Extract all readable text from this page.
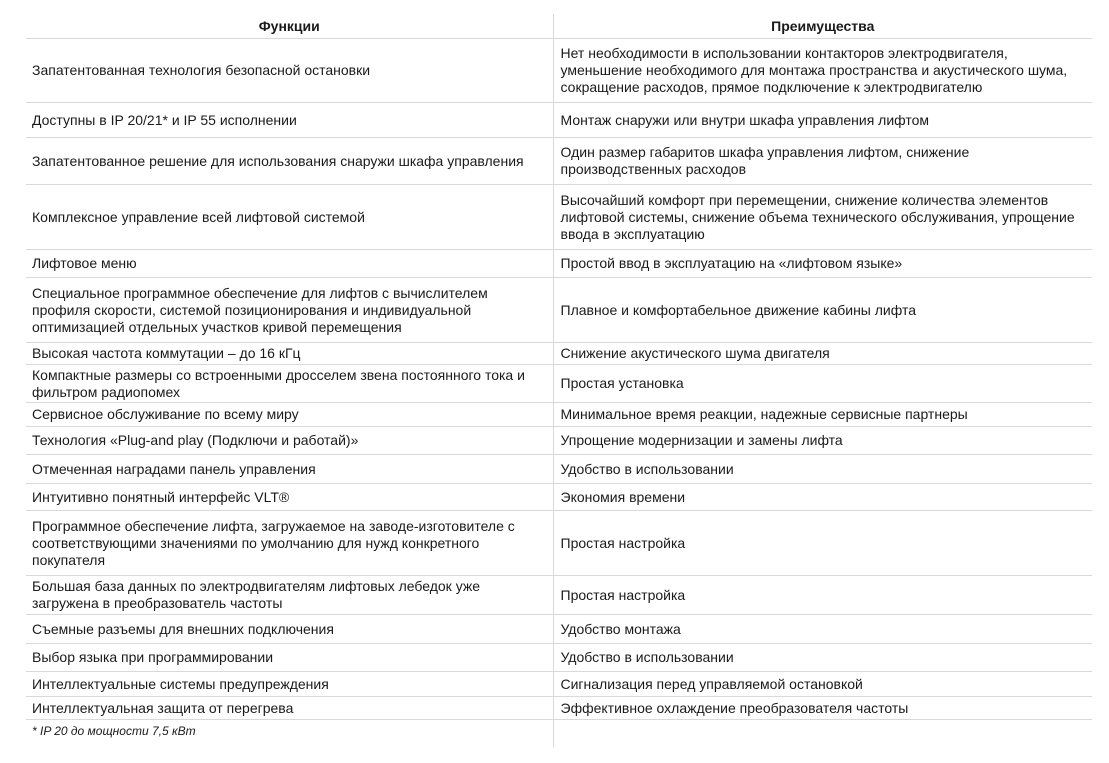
Функции	Преимущества
Запатентованная технология безопасной остановки	Нет необходимости в использовании контакторов электродвигателя, уменьшение необходимого для монтажа пространства и акустического шума, сокращение расходов, прямое подключение к электродвигателю
Доступны в IP 20/21* и IP 55 исполнении	Монтаж снаружи или внутри шкафа управления лифтом
Запатентованное решение для использования снаружи шкафа управления	Один размер габаритов шкафа управления лифтом, снижение производственных расходов
Комплексное управление всей лифтовой системой	Высочайший комфорт при перемещении, снижение количества элементов лифтовой системы, снижение объема технического обслуживания, упрощение ввода в эксплуатацию
Лифтовое меню	Простой ввод в эксплуатацию на «лифтовом языке»
Специальное программное обеспечение для лифтов с вычислителем профиля скорости, системой позиционирования и индивидуальной оптимизацией отдельных участков кривой перемещения	Плавное и комфортабельное движение кабины лифта
Высокая частота коммутации – до 16 кГц	Снижение акустического шума двигателя
Компактные размеры со встроенными дросселем звена постоянного тока и фильтром радиопомех	Простая установка
Сервисное обслуживание по всему миру	Минимальное время реакции, надежные сервисные партнеры
Технология «Plug-and play (Подключи и работай)»	Упрощение модернизации и замены лифта
Отмеченная наградами панель управления	Удобство в использовании
Интуитивно понятный интерфейс VLT®	Экономия времени
Программное обеспечение лифта, загружаемое на заводе-изготовителе с соответствующими значениями по умолчанию для нужд конкретного покупателя	Простая настройка
Большая база данных по электродвигателям лифтовых лебедок уже загружена в преобразователь частоты	Простая настройка
Съемные разъемы для внешних подключения	Удобство монтажа
Выбор языка при программировании	Удобство в использовании
Интеллектуальные системы предупреждения	Сигнализация перед управляемой остановкой
Интеллектуальная защита от перегрева	Эффективное охлаждение преобразователя частоты
* IP 20 до мощности 7,5 кВт	
